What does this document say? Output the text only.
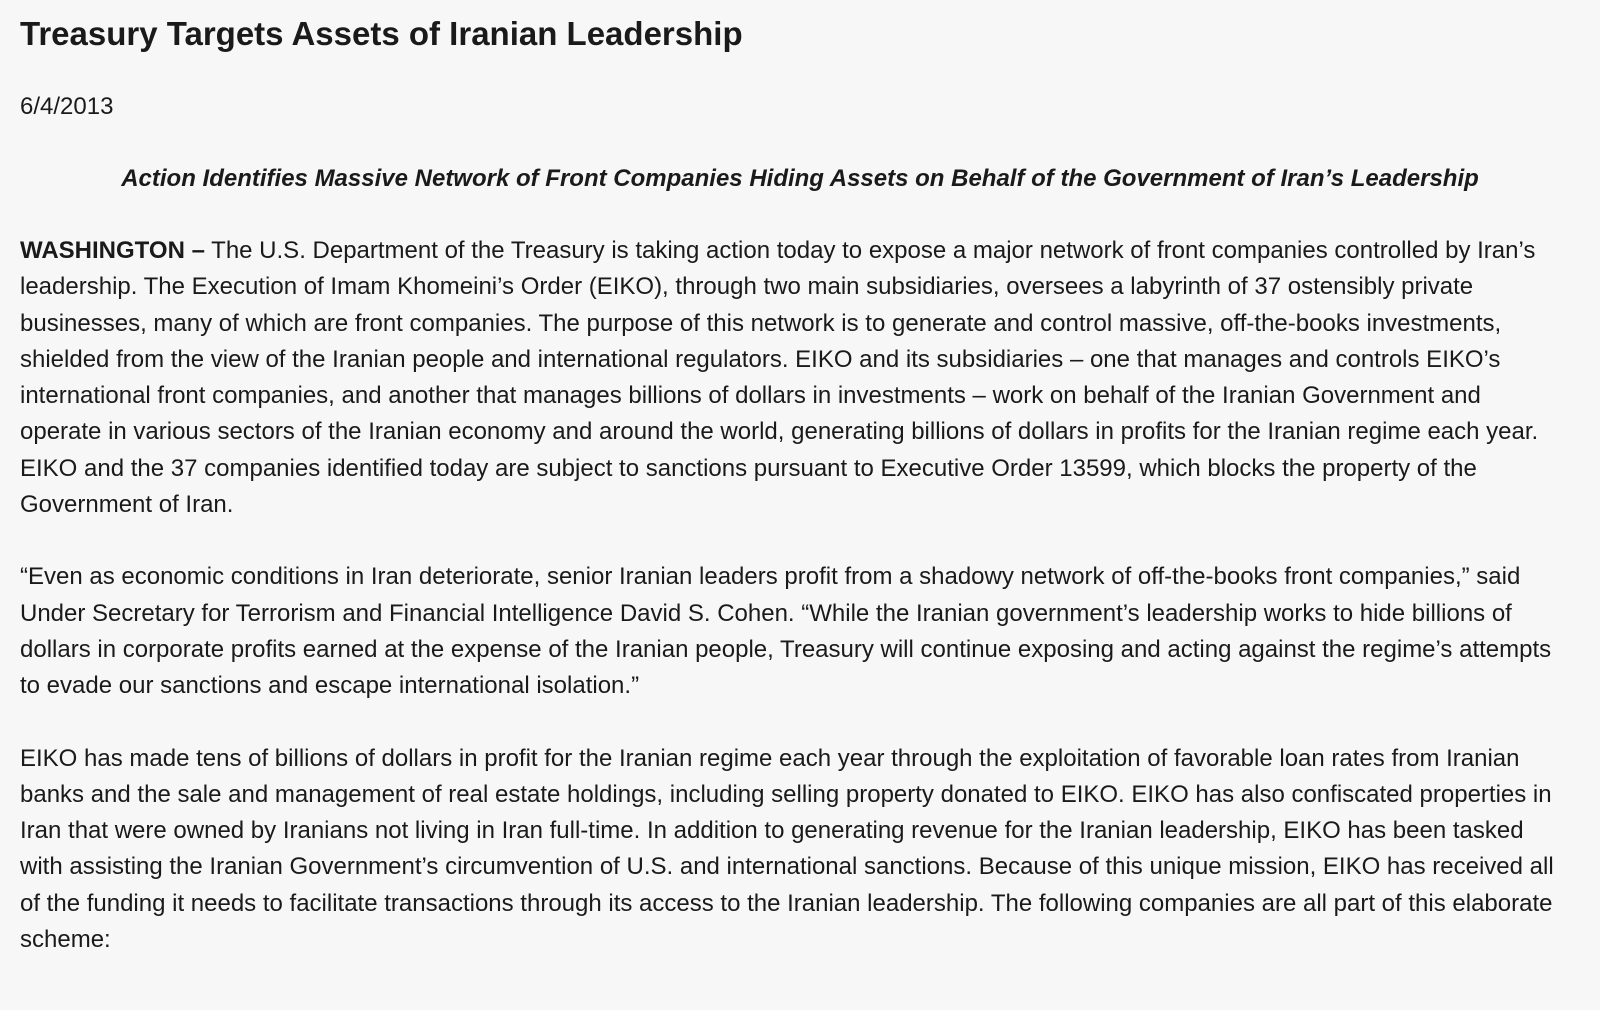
Treasury Targets Assets of Iranian Leadership
6/4/2013
Action Identifies Massive Network of Front Companies Hiding Assets on Behalf of the Government of Iran’s Leadership

WASHINGTON – The U.S. Department of the Treasury is taking action today to expose a major network of front companies controlled by Iran’s leadership. The Execution of Imam Khomeini’s Order (EIKO), through two main subsidiaries, oversees a labyrinth of 37 ostensibly private businesses, many of which are front companies. The purpose of this network is to generate and control massive, off-the-books investments, shielded from the view of the Iranian people and international regulators. EIKO and its subsidiaries – one that manages and controls EIKO’s international front companies, and another that manages billions of dollars in investments – work on behalf of the Iranian Government and operate in various sectors of the Iranian economy and around the world, generating billions of dollars in profits for the Iranian regime each year. EIKO and the 37 companies identified today are subject to sanctions pursuant to Executive Order 13599, which blocks the property of the Government of Iran.

“Even as economic conditions in Iran deteriorate, senior Iranian leaders profit from a shadowy network of off-the-books front companies,” said Under Secretary for Terrorism and Financial Intelligence David S. Cohen. “While the Iranian government’s leadership works to hide billions of dollars in corporate profits earned at the expense of the Iranian people, Treasury will continue exposing and acting against the regime’s attempts to evade our sanctions and escape international isolation.”

EIKO has made tens of billions of dollars in profit for the Iranian regime each year through the exploitation of favorable loan rates from Iranian banks and the sale and management of real estate holdings, including selling property donated to EIKO. EIKO has also confiscated properties in Iran that were owned by Iranians not living in Iran full-time. In addition to generating revenue for the Iranian leadership, EIKO has been tasked with assisting the Iranian Government’s circumvention of U.S. and international sanctions. Because of this unique mission, EIKO has received all of the funding it needs to facilitate transactions through its access to the Iranian leadership. The following companies are all part of this elaborate scheme:
